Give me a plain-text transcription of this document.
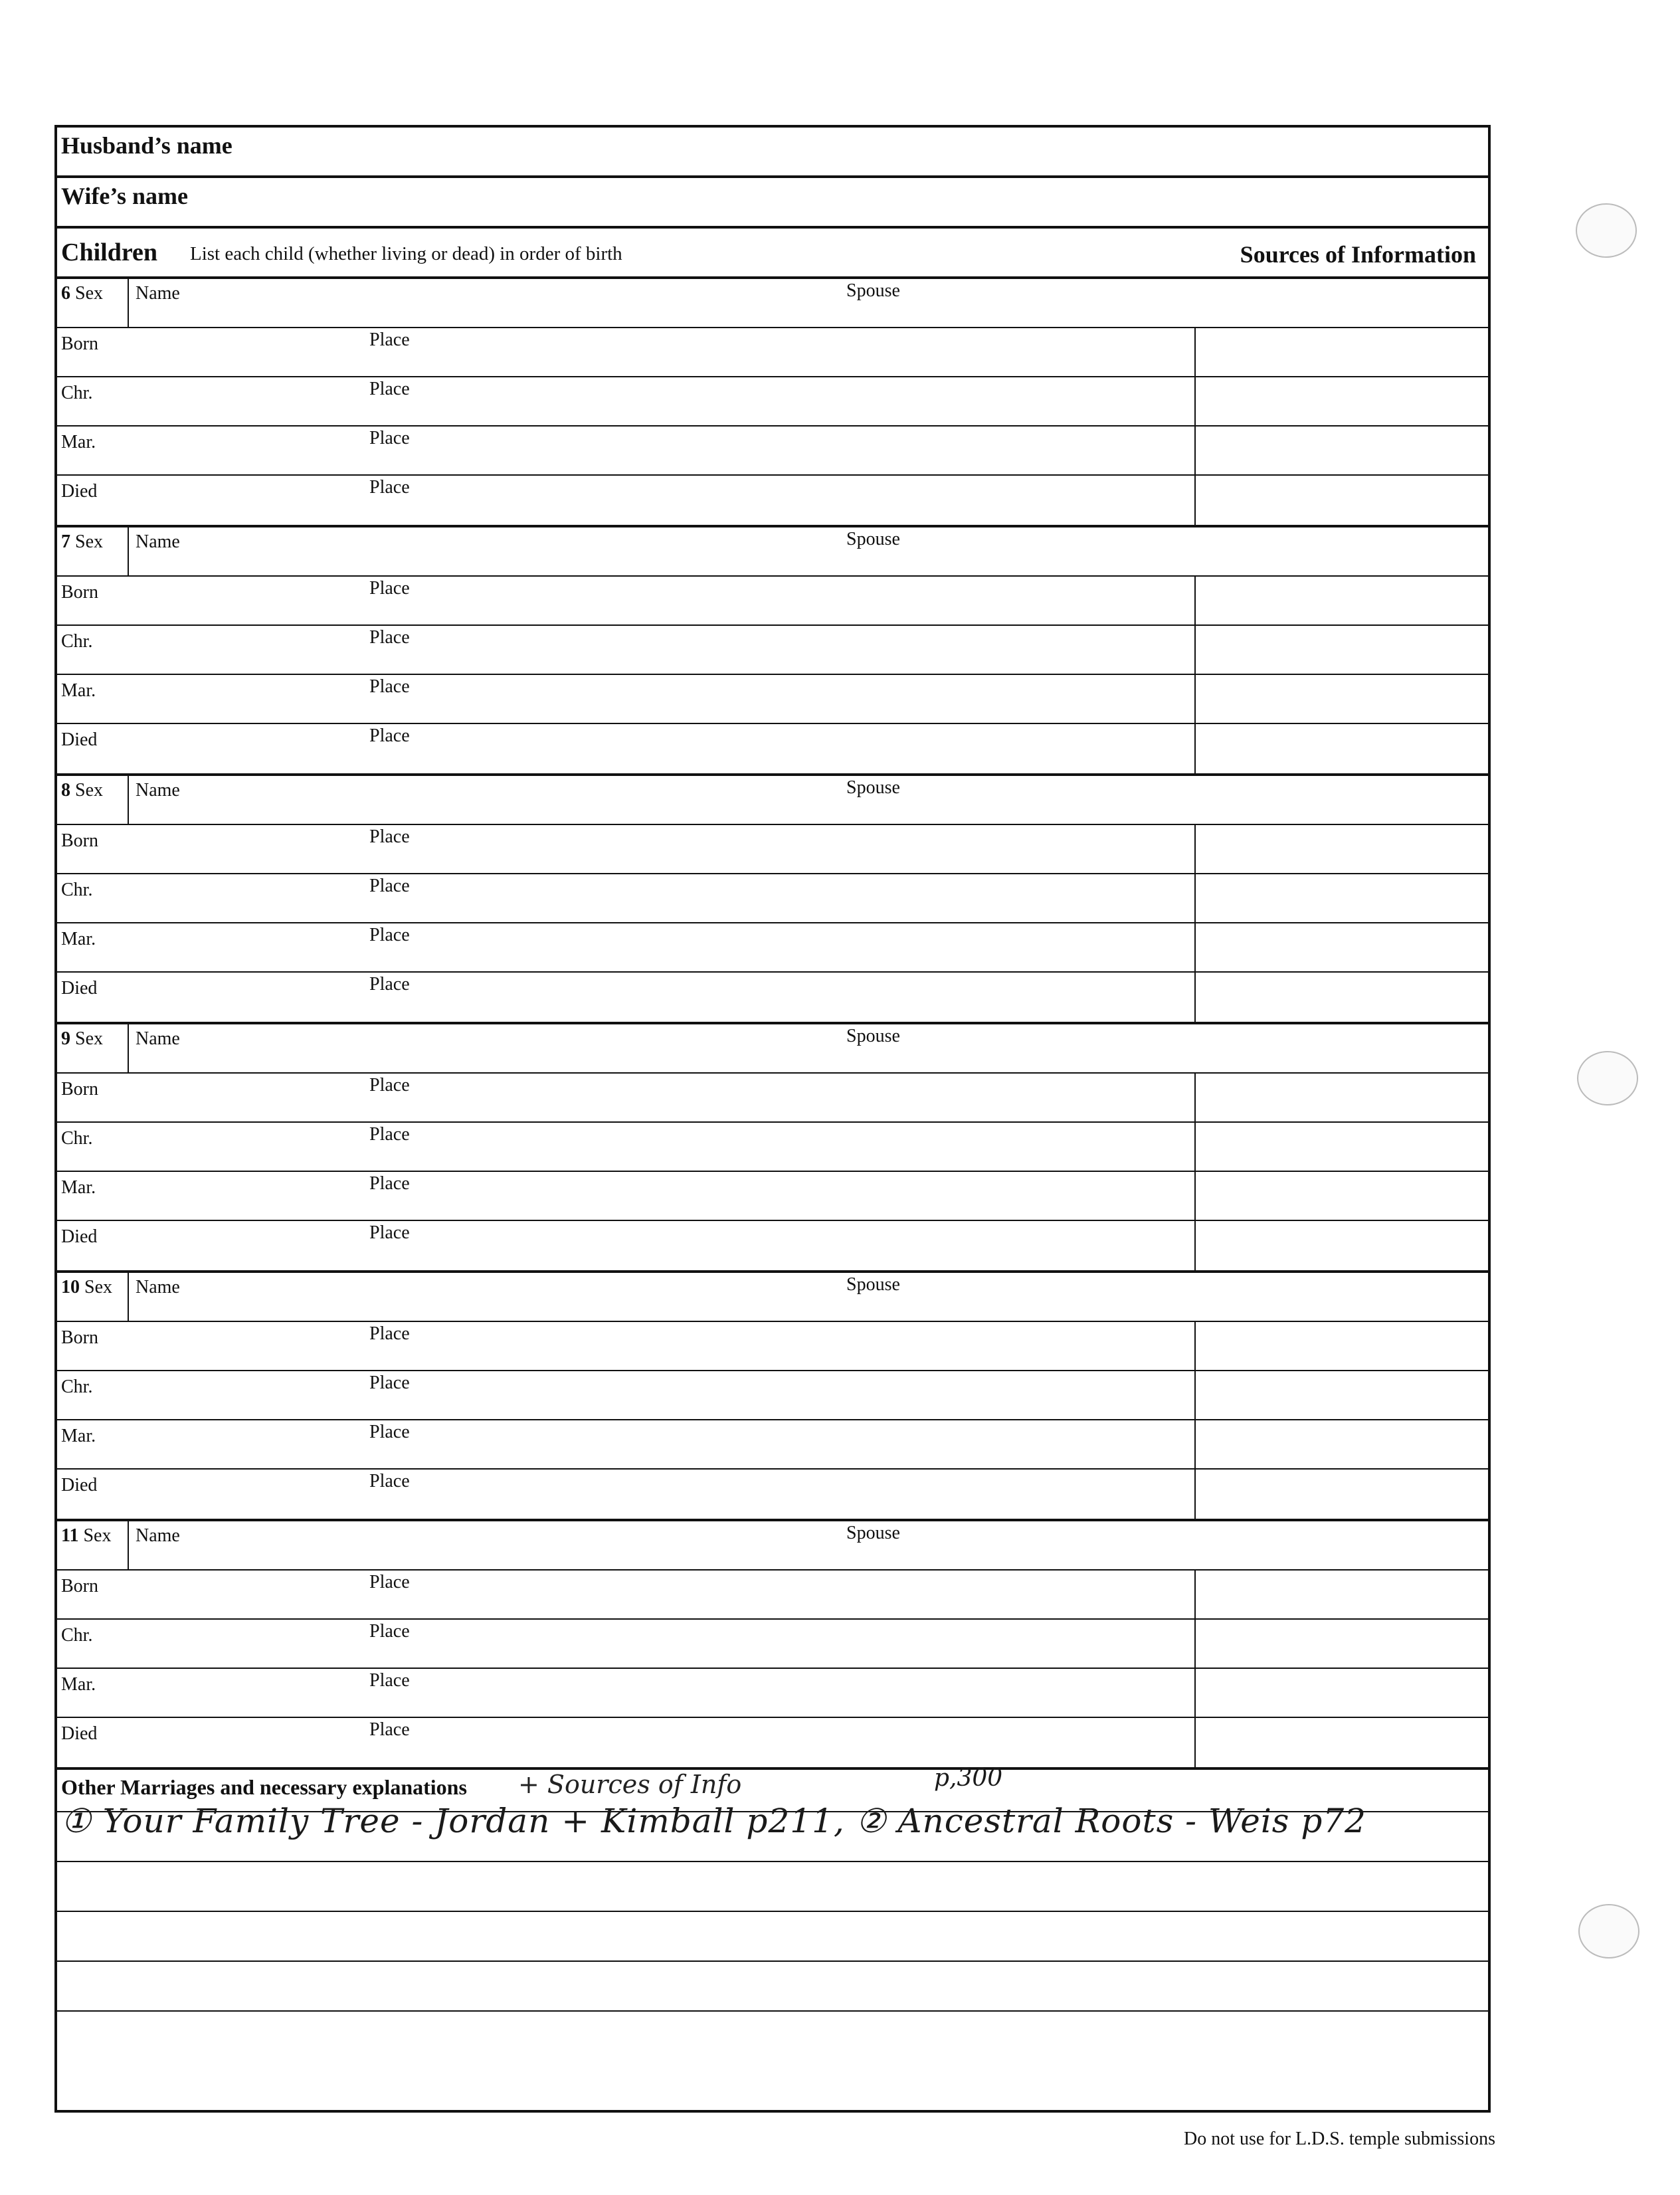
Husband’s name
Wife’s name
Children List each child (whether living or dead) in order of birth	Sources of Information
6 Sex Name	Spouse
Born	Place
Chr.	Place
Mar.	Place
Died	Place
7 Sex Name	Spouse
Born	Place
Chr.	Place
Mar.	Place
Died	Place
8 Sex Name	Spouse
Born	Place
Chr.	Place
Mar.	Place
Died	Place
9 Sex Name	Spouse
Born	Place
Chr.	Place
Mar.	Place
Died	Place
10 Sex Name	Spouse
Born	Place
Chr.	Place
Mar.	Place
Died	Place
11 Sex Name	Spouse
Born	Place
Chr.	Place
Mar.	Place
Died	Place
Other Marriages and necessary explanations + Sources of Info	p,300
① Your Family Tree - Jordan + Kimball p211, ② Ancestral Roots - Weis p72
Do not use for L.D.S. temple submissions
